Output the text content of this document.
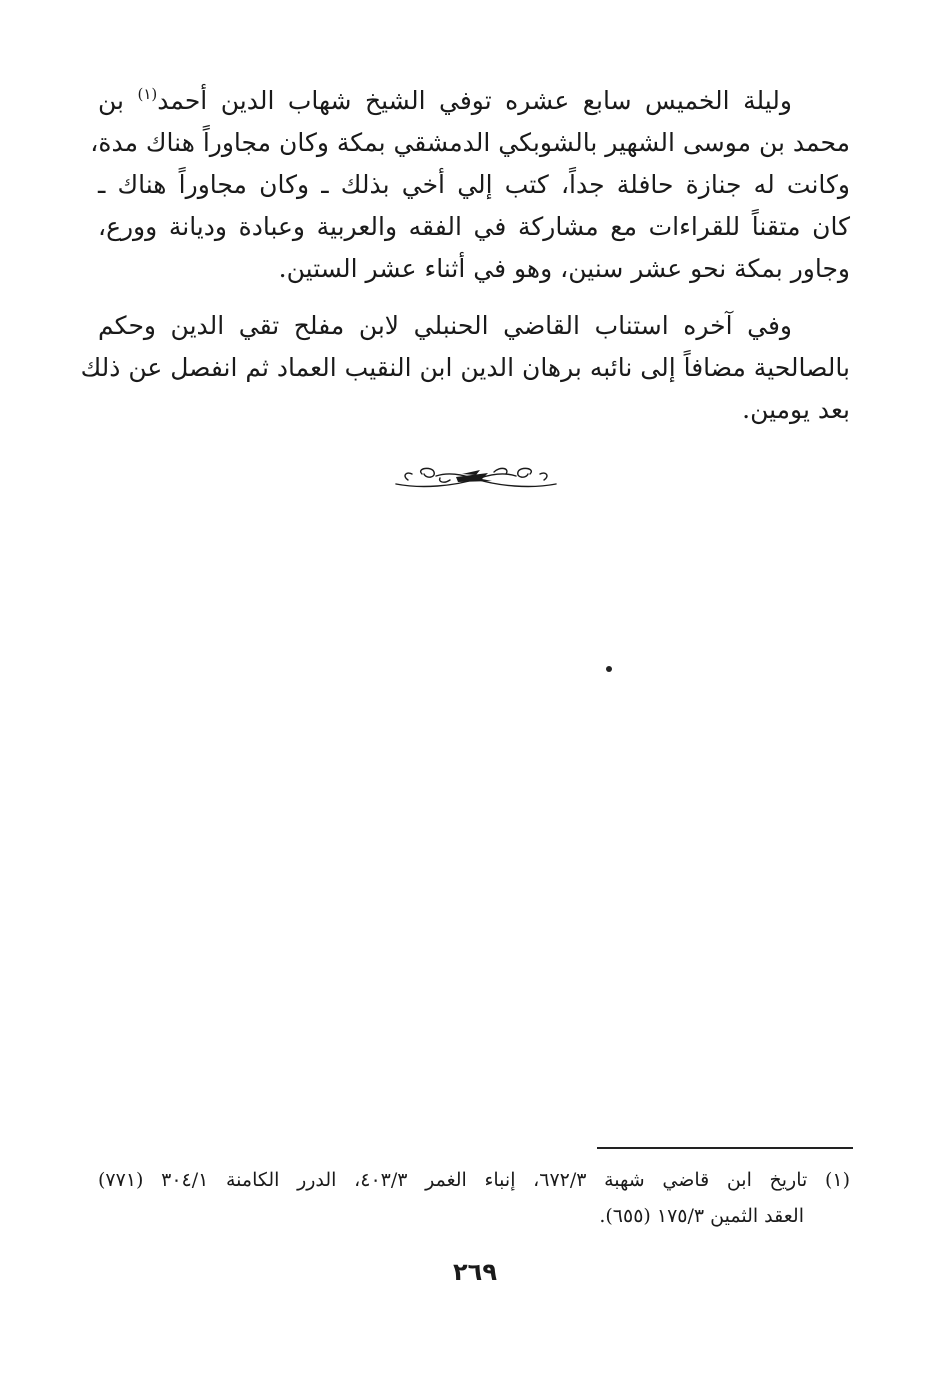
وليلة الخميس سابع عشره توفي الشيخ شهاب الدين أحمد$^{(١)}$ بن
محمد بن موسى الشهير بالشوبكي الدمشقي بمكة وكان مجاوراً هناك مدة،
وكانت له جنازة حافلة جداً، كتب إلي أخي بذلك ـ وكان مجاوراً هناك ـ
كان متقناً للقراءات مع مشاركة في الفقه والعربية وعبادة وديانة وورع،
وجاور بمكة نحو عشر سنين، وهو في أثناء عشر الستين.

وفي آخره استناب القاضي الحنبلي لابن مفلح تقي الدين وحكم
بالصالحية مضافاً إلى نائبه برهان الدين ابن النقيب العماد ثم انفصل عن ذلك
بعد يومين.

(١) تاريخ ابن قاضي شهبة ٦٧٢/٣، إنباء الغمر ٤٠٣/٣، الدرر الكامنة ٣٠٤/١ (٧٧١)
العقد الثمين ١٧٥/٣ (٦٥٥).
٢٦٩
